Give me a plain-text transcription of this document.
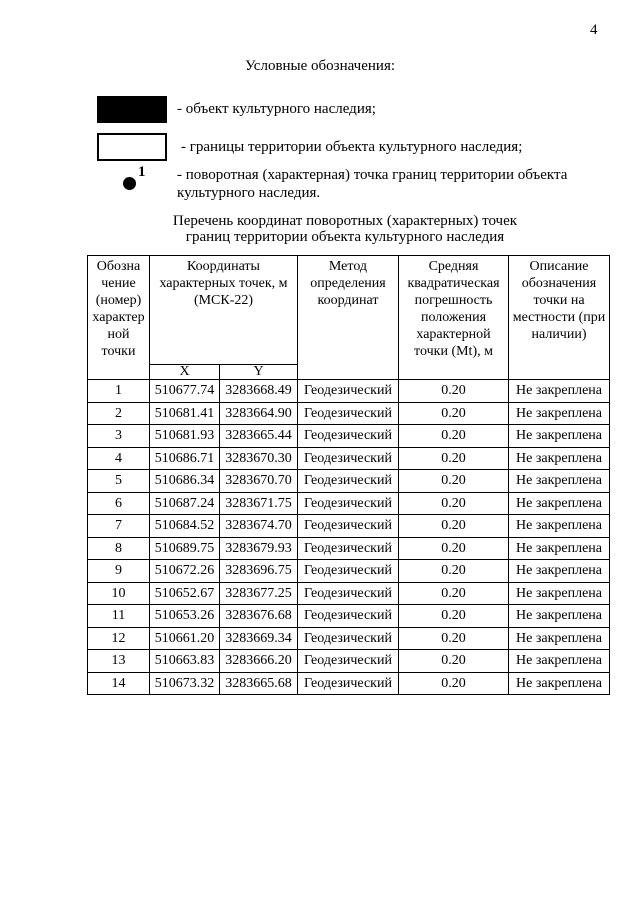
4
Условные обозначения:
- объект культурного наследия;
- границы территории объекта культурного наследия;
1 - поворотная (характерная) точка границ территории объекта культурного наследия.
Перечень координат поворотных (характерных) точек
границ территории объекта культурного наследия
Обозна чение (номер) характер ной точки	Координаты характерных точек, м (МСК-22)		Метод определения координат	Средняя квадратическая погрешность положения характерной точки (Mt), м	Описание обозначения точки на местности (при наличии)
	X	Y			
1	510677.74	3283668.49	Геодезический	0.20	Не закреплена
2	510681.41	3283664.90	Геодезический	0.20	Не закреплена
3	510681.93	3283665.44	Геодезический	0.20	Не закреплена
4	510686.71	3283670.30	Геодезический	0.20	Не закреплена
5	510686.34	3283670.70	Геодезический	0.20	Не закреплена
6	510687.24	3283671.75	Геодезический	0.20	Не закреплена
7	510684.52	3283674.70	Геодезический	0.20	Не закреплена
8	510689.75	3283679.93	Геодезический	0.20	Не закреплена
9	510672.26	3283696.75	Геодезический	0.20	Не закреплена
10	510652.67	3283677.25	Геодезический	0.20	Не закреплена
11	510653.26	3283676.68	Геодезический	0.20	Не закреплена
12	510661.20	3283669.34	Геодезический	0.20	Не закреплена
13	510663.83	3283666.20	Геодезический	0.20	Не закреплена
14	510673.32	3283665.68	Геодезический	0.20	Не закреплена
